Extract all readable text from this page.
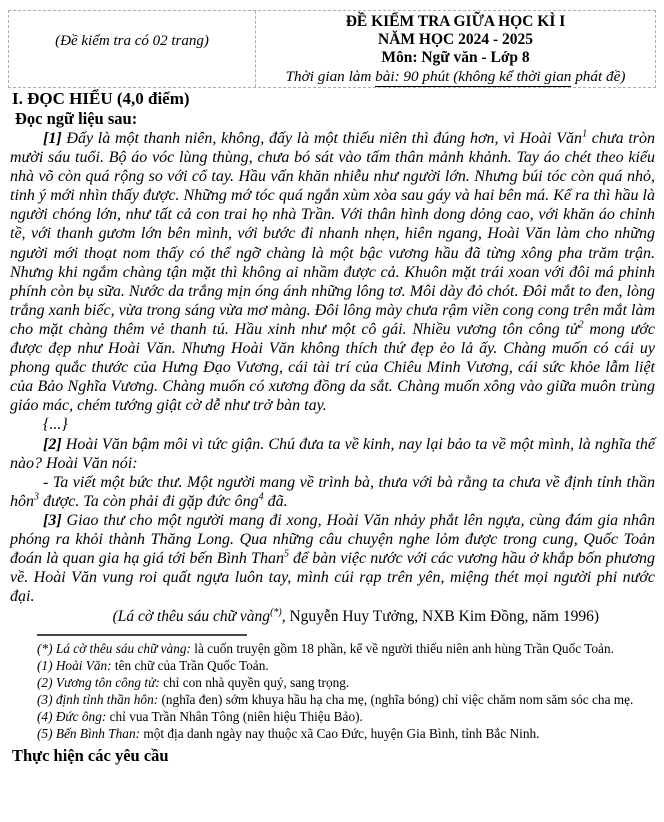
(Đề kiểm tra có 02 trang)
ĐỀ KIỂM TRA GIỮA HỌC KÌ I
NĂM HỌC 2024 - 2025
Môn: Ngữ văn - Lớp 8
Thời gian làm bài: 90 phút (không kể thời gian phát đề)
I. ĐỌC HIỂU (4,0 điểm)
Đọc ngữ liệu sau:
[1] Đấy là một thanh niên, không, đấy là một thiếu niên thì đúng hơn, vì Hoài Văn$^1$ chưa tròn mười sáu tuổi. Bộ áo vóc lùng thùng, chưa bó sát vào tấm thân mảnh khảnh. Tay áo chét theo kiểu nhà võ còn quá rộng so với cổ tay. Hầu vấn khăn nhiễu như người lớn. Nhưng búi tóc còn quá nhỏ, tinh ý mới nhìn thấy được. Những mớ tóc quá ngắn xùm xòa sau gáy và hai bên má. Kể ra thì hầu là người chóng lớn, như tất cả con trai họ nhà Trần. Với thân hình dong dỏng cao, với khăn áo chỉnh tề, với thanh gươm lớn bên mình, với bước đi nhanh nhẹn, hiên ngang, Hoài Văn làm cho những người mới thoạt nom thấy có thể ngỡ chàng là một bậc vương hầu đã từng xông pha trăm trận. Nhưng khi ngắm chàng tận mặt thì không ai nhầm được cả. Khuôn mặt trái xoan với đôi má phinh phính còn bụ sữa. Nước da trắng mịn óng ánh những lông tơ. Môi dày đỏ chót. Đôi mắt to đen, lòng trắng xanh biếc, vừa trong sáng vừa mơ màng. Đôi lông mày chưa rậm viền cong cong trên mắt làm cho mặt chàng thêm vẻ thanh tú. Hầu xinh như một cô gái. Nhiều vương tôn công tử$^2$ mong ước được đẹp như Hoài Văn. Nhưng Hoài Văn không thích thứ đẹp ẻo lả ấy. Chàng muốn có cái uy phong quắc thước của Hưng Đạo Vương, cái tài trí của Chiêu Minh Vương, cái sức khỏe lẫm liệt của Bảo Nghĩa Vương. Chàng muốn có xương đồng da sắt. Chàng muốn xông vào giữa muôn trùng giáo mác, chém tướng giật cờ dễ như trở bàn tay.
{...}
[2] Hoài Văn bậm môi vì tức giận. Chú đưa ta về kinh, nay lại bảo ta về một mình, là nghĩa thế nào? Hoài Văn nói:
- Ta viết một bức thư. Một người mang về trình bà, thưa với bà rằng ta chưa về định tỉnh thần hôn$^3$ được. Ta còn phải đi gặp đức ông$^4$ đã.
[3] Giao thư cho một người mang đi xong, Hoài Văn nhảy phắt lên ngựa, cùng đám gia nhân phóng ra khỏi thành Thăng Long. Qua những câu chuyện nghe lỏm được trong cung, Quốc Toản đoán là quan gia hạ giá tới bến Bình Than$^5$ để bàn việc nước với các vương hầu ở khắp bốn phương về. Hoài Văn vung roi quất ngựa luôn tay, mình cúi rạp trên yên, miệng thét mọi người phi nước đại.
(Lá cờ thêu sáu chữ vàng(*), Nguyễn Huy Tưởng, NXB Kim Đồng, năm 1996)
(*) Lá cờ thêu sáu chữ vàng: là cuốn truyện gồm 18 phần, kể về người thiếu niên anh hùng Trần Quốc Toản.
(1) Hoài Văn: tên chữ của Trần Quốc Toản.
(2) Vương tôn công tử: chỉ con nhà quyền quý, sang trọng.
(3) định tỉnh thần hôn: (nghĩa đen) sớm khuya hầu hạ cha mẹ, (nghĩa bóng) chỉ việc chăm nom săm sóc cha mẹ.
(4) Đức ông: chỉ vua Trần Nhân Tông (niên hiệu Thiệu Bảo).
(5) Bến Bình Than: một địa danh ngày nay thuộc xã Cao Đức, huyện Gia Bình, tỉnh Bắc Ninh.
Thực hiện các yêu cầu
